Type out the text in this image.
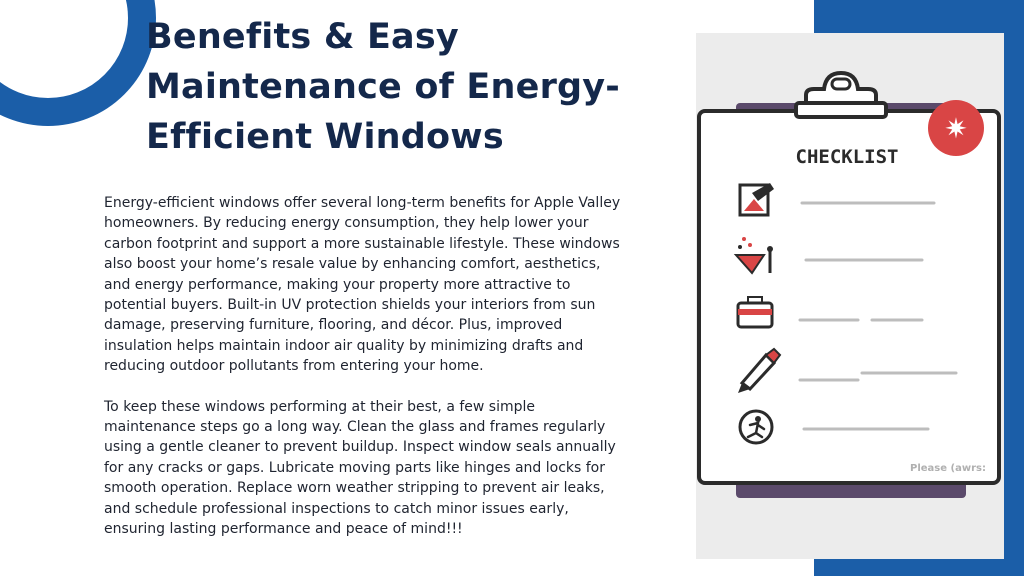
Benefits & Easy Maintenance of Energy-Efficient Windows

Energy-efficient windows offer several long-term benefits for Apple Valley homeowners. By reducing energy consumption, they help lower your carbon footprint and support a more sustainable lifestyle. These windows also boost your home’s resale value by enhancing comfort, aesthetics, and energy performance, making your property more attractive to potential buyers. Built-in UV protection shields your interiors from sun damage, preserving furniture, flooring, and décor. Plus, improved insulation helps maintain indoor air quality by minimizing drafts and reducing outdoor pollutants from entering your home.

To keep these windows performing at their best, a few simple maintenance steps go a long way. Clean the glass and frames regularly using a gentle cleaner to prevent buildup. Inspect window seals annually for any cracks or gaps. Lubricate moving parts like hinges and locks for smooth operation. Replace worn weather stripping to prevent air leaks, and schedule professional inspections to catch minor issues early, ensuring lasting performance and peace of mind!!!

✷
CHECKLIST
Please (awrs:
